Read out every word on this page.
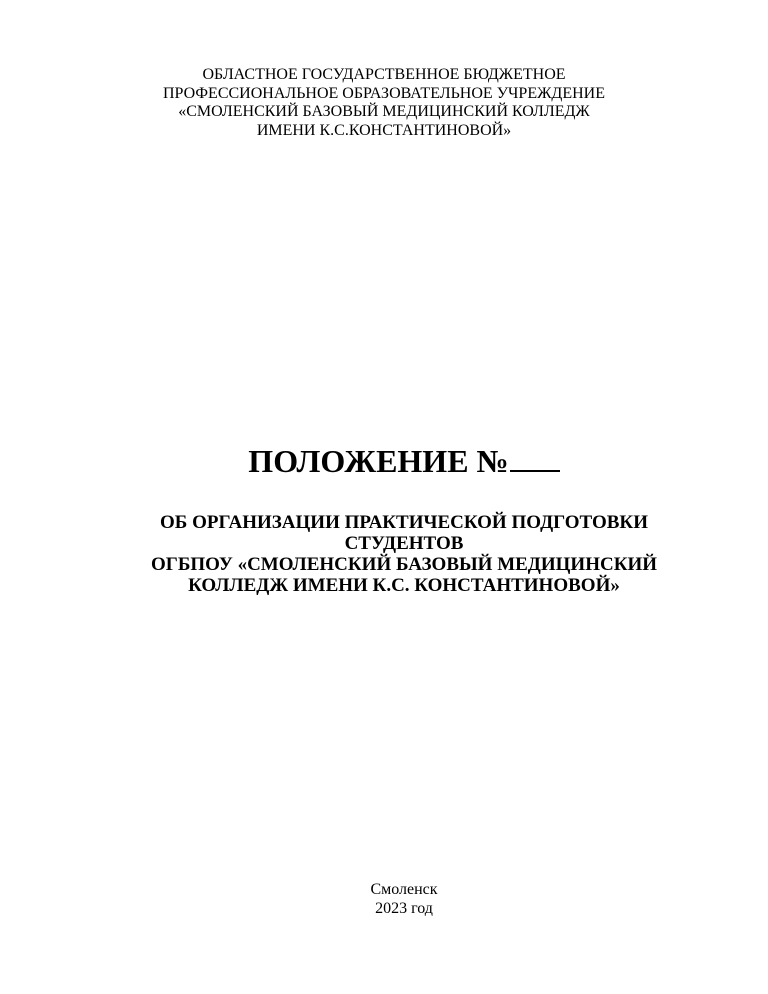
ОБЛАСТНОЕ ГОСУДАРСТВЕННОЕ БЮДЖЕТНОЕ
ПРОФЕССИОНАЛЬНОЕ ОБРАЗОВАТЕЛЬНОЕ УЧРЕЖДЕНИЕ
«СМОЛЕНСКИЙ БАЗОВЫЙ МЕДИЦИНСКИЙ КОЛЛЕДЖ
ИМЕНИ К.С.КОНСТАНТИНОВОЙ»
ПОЛОЖЕНИЕ №
ОБ ОРГАНИЗАЦИИ ПРАКТИЧЕСКОЙ ПОДГОТОВКИ
СТУДЕНТОВ
ОГБПОУ «СМОЛЕНСКИЙ БАЗОВЫЙ МЕДИЦИНСКИЙ
КОЛЛЕДЖ ИМЕНИ К.С. КОНСТАНТИНОВОЙ»
Смоленск
2023 год
